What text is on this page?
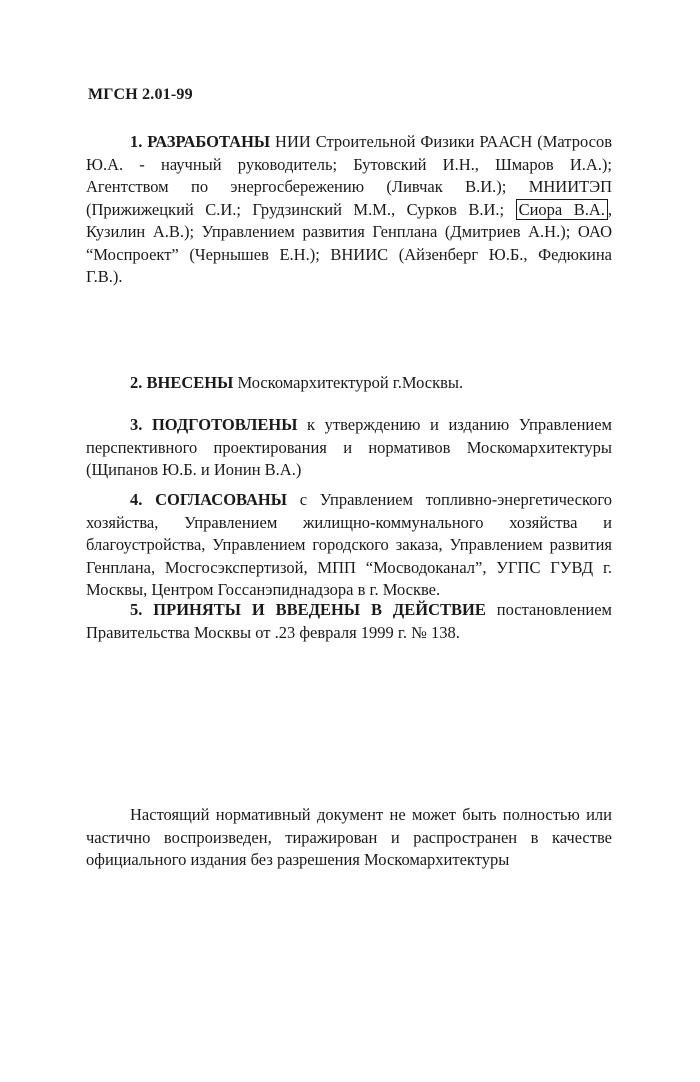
МГСН 2.01-99

1. РАЗРАБОТАНЫ НИИ Строительной Физики РААСН (Матросов Ю.А. - научный руководитель; Бутовский И.Н., Шмаров И.А.); Агентством по энергосбережению (Ливчак В.И.); МНИИТЭП (Прижижецкий С.И.; Грудзинский М.М., Сурков В.И.; Сиора В.А. , Кузилин А.В.); Управлением развития Генплана (Дмитриев А.Н.); ОАО “Моспроект” (Чернышев Е.Н.); ВНИИС (Айзенберг Ю.Б., Федюкина Г.В.).

2. ВНЕСЕНЫ Москомархитектурой г.Москвы.

3. ПОДГОТОВЛЕНЫ к утверждению и изданию Управлением перспективного проектирования и нормативов Москомархитектуры (Щипанов Ю.Б. и Ионин В.А.)

4. СОГЛАСОВАНЫ с Управлением топливно-энергетического хозяйства, Управлением жилищно-коммунального хозяйства и благоустройства, Управлением городского заказа, Управлением развития Генплана, Мосгосэкспертизой, МПП “Мосводоканал”, УГПС ГУВД г. Москвы, Центром Госсанэпиднадзора в г. Москве.

5. ПРИНЯТЫ И ВВЕДЕНЫ В ДЕЙСТВИЕ постановлением Правительства Москвы от .23 февраля 1999 г. № 138.

Настоящий нормативный документ не может быть полностью или частично воспроизведен, тиражирован и распространен в качестве официального издания без разрешения Москомархитектуры
